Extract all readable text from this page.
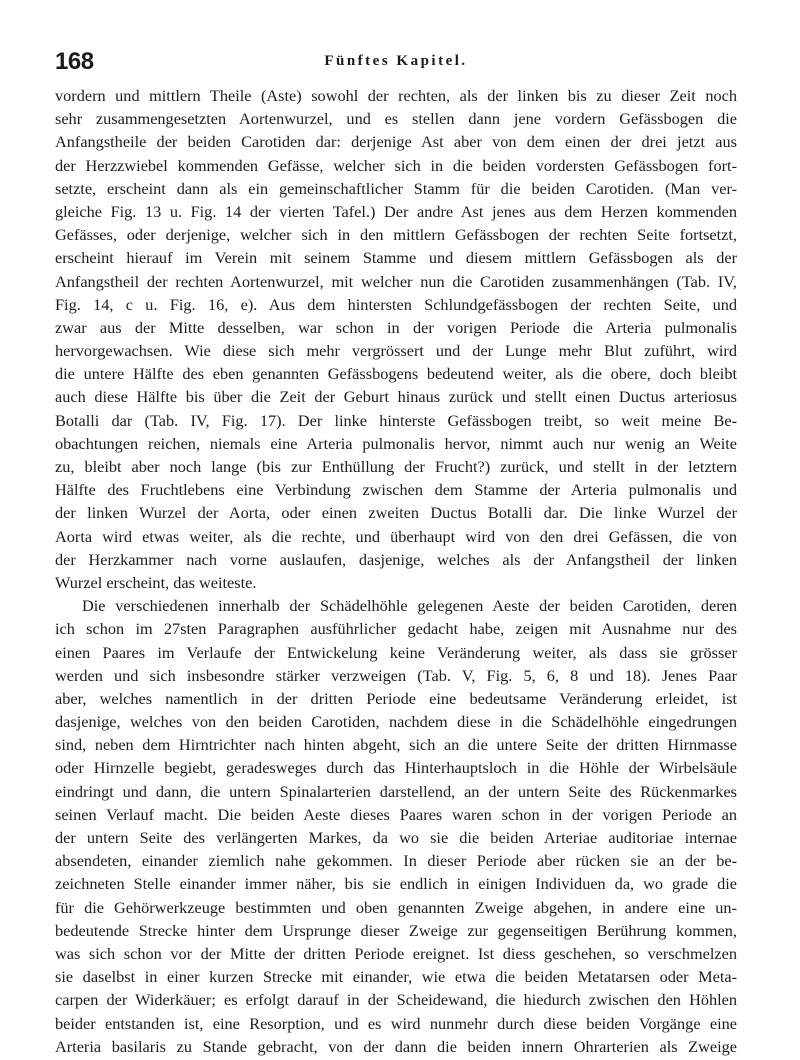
168	Fünftes Kapitel.
vordern und mittlern Theile (Aste) sowohl der rechten, als der linken bis zu dieser Zeit noch
sehr zusammengesetzten Aortenwurzel, und es stellen dann jene vordern Gefässbogen die
Anfangstheile der beiden Carotiden dar: derjenige Ast aber von dem einen der drei jetzt aus
der Herzzwiebel kommenden Gefässe, welcher sich in die beiden vordersten Gefässbogen fort-
setzte, erscheint dann als ein gemeinschaftlicher Stamm für die beiden Carotiden. (Man ver-
gleiche Fig. 13 u. Fig. 14 der vierten Tafel.) Der andre Ast jenes aus dem Herzen kommenden
Gefässes, oder derjenige, welcher sich in den mittlern Gefässbogen der rechten Seite fortsetzt,
erscheint hierauf im Verein mit seinem Stamme und diesem mittlern Gefässbogen als der
Anfangstheil der rechten Aortenwurzel, mit welcher nun die Carotiden zusammenhängen (Tab. IV,
Fig. 14, c u. Fig. 16, e). Aus dem hintersten Schlundgefässbogen der rechten Seite, und
zwar aus der Mitte desselben, war schon in der vorigen Periode die Arteria pulmonalis
hervorgewachsen. Wie diese sich mehr vergrössert und der Lunge mehr Blut zuführt, wird
die untere Hälfte des eben genannten Gefässbogens bedeutend weiter, als die obere, doch bleibt
auch diese Hälfte bis über die Zeit der Geburt hinaus zurück und stellt einen Ductus arteriosus
Botalli dar (Tab. IV, Fig. 17). Der linke hinterste Gefässbogen treibt, so weit meine Be-
obachtungen reichen, niemals eine Arteria pulmonalis hervor, nimmt auch nur wenig an Weite
zu, bleibt aber noch lange (bis zur Enthüllung der Frucht?) zurück, und stellt in der letztern
Hälfte des Fruchtlebens eine Verbindung zwischen dem Stamme der Arteria pulmonalis und
der linken Wurzel der Aorta, oder einen zweiten Ductus Botalli dar. Die linke Wurzel der
Aorta wird etwas weiter, als die rechte, und überhaupt wird von den drei Gefässen, die von
der Herzkammer nach vorne auslaufen, dasjenige, welches als der Anfangstheil der linken
Wurzel erscheint, das weiteste.
Die verschiedenen innerhalb der Schädelhöhle gelegenen Aeste der beiden Carotiden, deren
ich schon im 27sten Paragraphen ausführlicher gedacht habe, zeigen mit Ausnahme nur des
einen Paares im Verlaufe der Entwickelung keine Veränderung weiter, als dass sie grösser
werden und sich insbesondre stärker verzweigen (Tab. V, Fig. 5, 6, 8 und 18). Jenes Paar
aber, welches namentlich in der dritten Periode eine bedeutsame Veränderung erleidet, ist
dasjenige, welches von den beiden Carotiden, nachdem diese in die Schädelhöhle eingedrungen
sind, neben dem Hirntrichter nach hinten abgeht, sich an die untere Seite der dritten Hirnmasse
oder Hirnzelle begiebt, geradesweges durch das Hinterhauptsloch in die Höhle der Wirbelsäule
eindringt und dann, die untern Spinalarterien darstellend, an der untern Seite des Rückenmarkes
seinen Verlauf macht. Die beiden Aeste dieses Paares waren schon in der vorigen Periode an
der untern Seite des verlängerten Markes, da wo sie die beiden Arteriae auditoriae internae
absendeten, einander ziemlich nahe gekommen. In dieser Periode aber rücken sie an der be-
zeichneten Stelle einander immer näher, bis sie endlich in einigen Individuen da, wo grade die
für die Gehörwerkzeuge bestimmten und oben genannten Zweige abgehen, in andere eine un-
bedeutende Strecke hinter dem Ursprunge dieser Zweige zur gegenseitigen Berührung kommen,
was sich schon vor der Mitte der dritten Periode ereignet. Ist diess geschehen, so verschmelzen
sie daselbst in einer kurzen Strecke mit einander, wie etwa die beiden Metatarsen oder Meta-
carpen der Widerkäuer; es erfolgt darauf in der Scheidewand, die hiedurch zwischen den Höhlen
beider entstanden ist, eine Resorption, und es wird nunmehr durch diese beiden Vorgänge eine
Arteria basilaris zu Stande gebracht, von der dann die beiden innern Ohrarterien als Zweige
